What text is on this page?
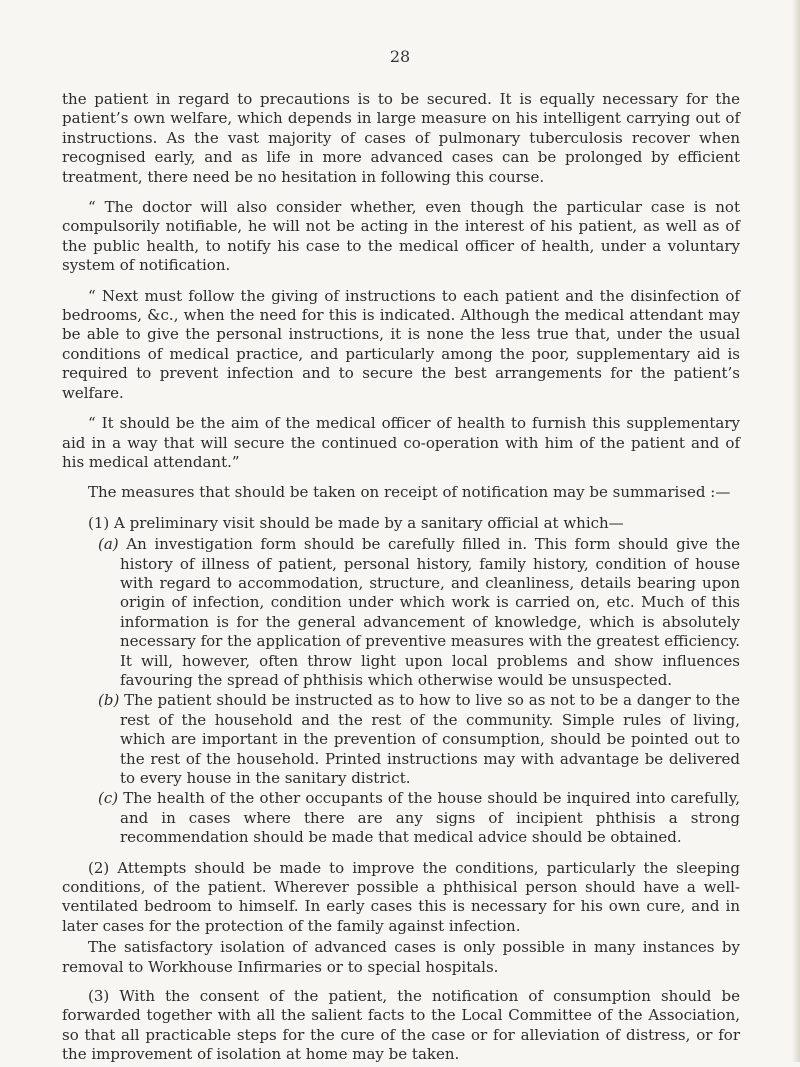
28

the patient in regard to precautions is to be secured. It is equally necessary for the patient’s own welfare, which depends in large measure on his intelligent carrying out of instructions. As the vast majority of cases of pulmonary tuberculosis recover when recognised early, and as life in more advanced cases can be prolonged by efficient treatment, there need be no hesitation in following this course.

“ The doctor will also consider whether, even though the particular case is not compulsorily notifiable, he will not be acting in the interest of his patient, as well as of the public health, to notify his case to the medical officer of health, under a voluntary system of notification.

“ Next must follow the giving of instructions to each patient and the disinfection of bedrooms, &c., when the need for this is indicated. Although the medical attendant may be able to give the personal instructions, it is none the less true that, under the usual conditions of medical practice, and particularly among the poor, supplementary aid is required to prevent infection and to secure the best arrangements for the patient’s welfare.

“ It should be the aim of the medical officer of health to furnish this supplementary aid in a way that will secure the continued co-operation with him of the patient and of his medical attendant.”

The measures that should be taken on receipt of notification may be summarised :—

(1) A preliminary visit should be made by a sanitary official at which—

(a) An investigation form should be carefully filled in. This form should give the history of illness of patient, personal history, family history, condition of house with regard to accommodation, structure, and cleanliness, details bearing upon origin of infection, condition under which work is carried on, etc. Much of this information is for the general advancement of knowledge, which is absolutely necessary for the application of preventive measures with the greatest efficiency. It will, however, often throw light upon local problems and show influences favouring the spread of phthisis which otherwise would be unsuspected.

(b) The patient should be instructed as to how to live so as not to be a danger to the rest of the household and the rest of the community. Simple rules of living, which are important in the prevention of consumption, should be pointed out to the rest of the household. Printed instructions may with advantage be delivered to every house in the sanitary district.

(c) The health of the other occupants of the house should be inquired into carefully, and in cases where there are any signs of incipient phthisis a strong recommendation should be made that medical advice should be obtained.

(2) Attempts should be made to improve the conditions, particularly the sleeping conditions, of the patient. Wherever possible a phthisical person should have a well-ventilated bedroom to himself. In early cases this is necessary for his own cure, and in later cases for the protection of the family against infection.

The satisfactory isolation of advanced cases is only possible in many instances by removal to Workhouse Infirmaries or to special hospitals.

(3) With the consent of the patient, the notification of consumption should be forwarded together with all the salient facts to the Local Committee of the Association, so that all practicable steps for the cure of the case or for alleviation of distress, or for the improvement of isolation at home may be taken.
